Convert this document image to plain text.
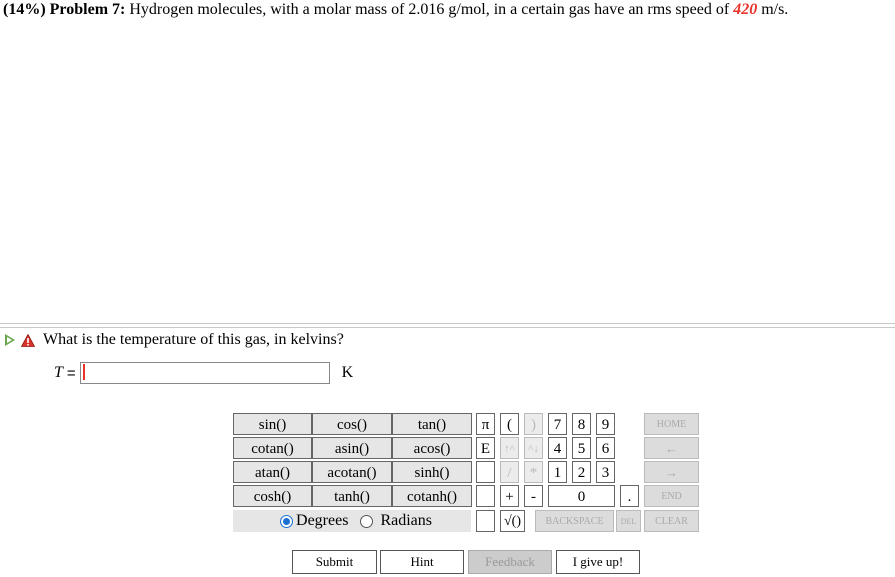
(14%) Problem 7: Hydrogen molecules, with a molar mass of 2.016 g/mol, in a certain gas have an rms speed of 420 m/s.
What is the temperature of this gas, in kelvins?
T =	K
sin()	cos()	tan()
cotan()	asin()	acos()
atan()	acotan()	sinh()
cosh()	tanh()	cotanh()
Degrees Radians
π	(	)
E	↑^	^↓
/	*
+	-
√()
7	8	9
4	5	6
1	2	3
0	.
HOME
←
→
END
BACKSPACE	DEL	CLEAR
Submit	Hint	Feedback	I give up!
